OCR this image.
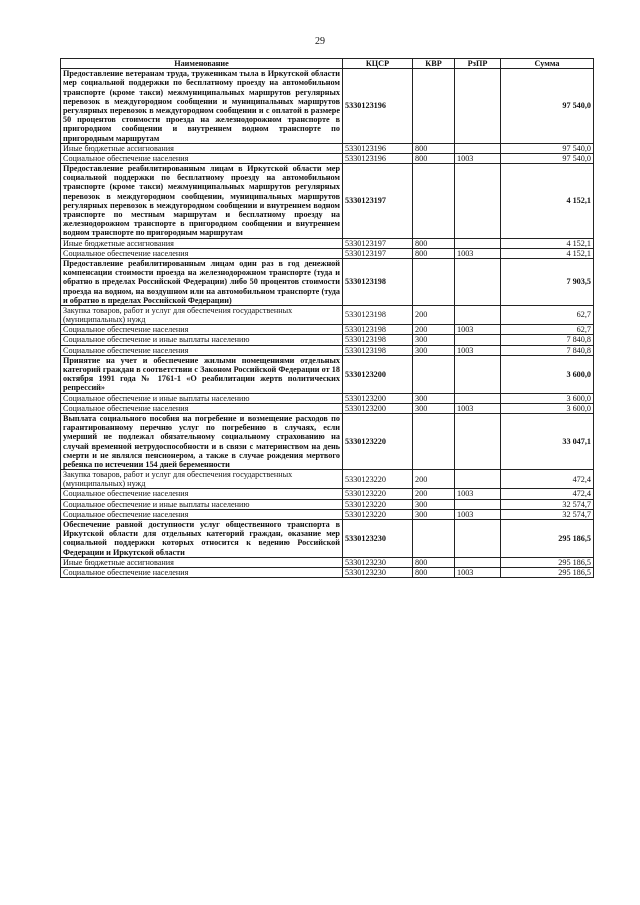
29
Наименование	КЦСР	КВР	РзПР	Сумма
Предоставление ветеранам труда, труженикам тыла в Иркутской области мер социальной поддержки по бесплатному проезду на автомобильном транспорте (кроме такси) межмуниципальных маршрутов регулярных перевозок в междугородном сообщении и муниципальных маршрутов регулярных перевозок в междугородном сообщении и с оплатой в размере 50 процентов стоимости проезда на железнодорожном транспорте в пригородном сообщении и внутреннем водном транспорте по пригородным маршрутам	5330123196			97 540,0
Иные бюджетные ассигнования	5330123196	800		97 540,0
Социальное обеспечение населения	5330123196	800	1003	97 540,0
Предоставление реабилитированным лицам в Иркутской области мер социальной поддержки по бесплатному проезду на автомобильном транспорте (кроме такси) межмуниципальных маршрутов регулярных перевозок в междугородном сообщении, муниципальных маршрутов регулярных перевозок в междугородном сообщении и внутреннем водном транспорте по местным маршрутам и бесплатному проезду на железнодорожном транспорте в пригородном сообщении и внутреннем водном транспорте по пригородным маршрутам	5330123197			4 152,1
Иные бюджетные ассигнования	5330123197	800		4 152,1
Социальное обеспечение населения	5330123197	800	1003	4 152,1
Предоставление реабилитированным лицам один раз в год денежной компенсации стоимости проезда на железнодорожном транспорте (туда и обратно в пределах Российской Федерации) либо 50 процентов стоимости проезда на водном, на воздушном или на автомобильном транспорте (туда и обратно в пределах Российской Федерации)	5330123198			7 903,5
Закупка товаров, работ и услуг для обеспечения государственных (муниципальных) нужд	5330123198	200		62,7
Социальное обеспечение населения	5330123198	200	1003	62,7
Социальное обеспечение и иные выплаты населению	5330123198	300		7 840,8
Социальное обеспечение населения	5330123198	300	1003	7 840,8
Принятие на учет и обеспечение жилыми помещениями отдельных категорий граждан в соответствии с Законом Российской Федерации от 18 октября 1991 года № 1761-1 «О реабилитации жертв политических репрессий»	5330123200			3 600,0
Социальное обеспечение и иные выплаты населению	5330123200	300		3 600,0
Социальное обеспечение населения	5330123200	300	1003	3 600,0
Выплата социального пособия на погребение и возмещение расходов по гарантированному перечню услуг по погребению в случаях, если умерший не подлежал обязательному социальному страхованию на случай временной нетрудоспособности и в связи с материнством на день смерти и не являлся пенсионером, а также в случае рождения мертвого ребенка по истечении 154 дней беременности	5330123220			33 047,1
Закупка товаров, работ и услуг для обеспечения государственных (муниципальных) нужд	5330123220	200		472,4
Социальное обеспечение населения	5330123220	200	1003	472,4
Социальное обеспечение и иные выплаты населению	5330123220	300		32 574,7
Социальное обеспечение населения	5330123220	300	1003	32 574,7
Обеспечение равной доступности услуг общественного транспорта в Иркутской области для отдельных категорий граждан, оказание мер социальной поддержки которых относится к ведению Российской Федерации и Иркутской области	5330123230			295 186,5
Иные бюджетные ассигнования	5330123230	800		295 186,5
Социальное обеспечение населения	5330123230	800	1003	295 186,5
